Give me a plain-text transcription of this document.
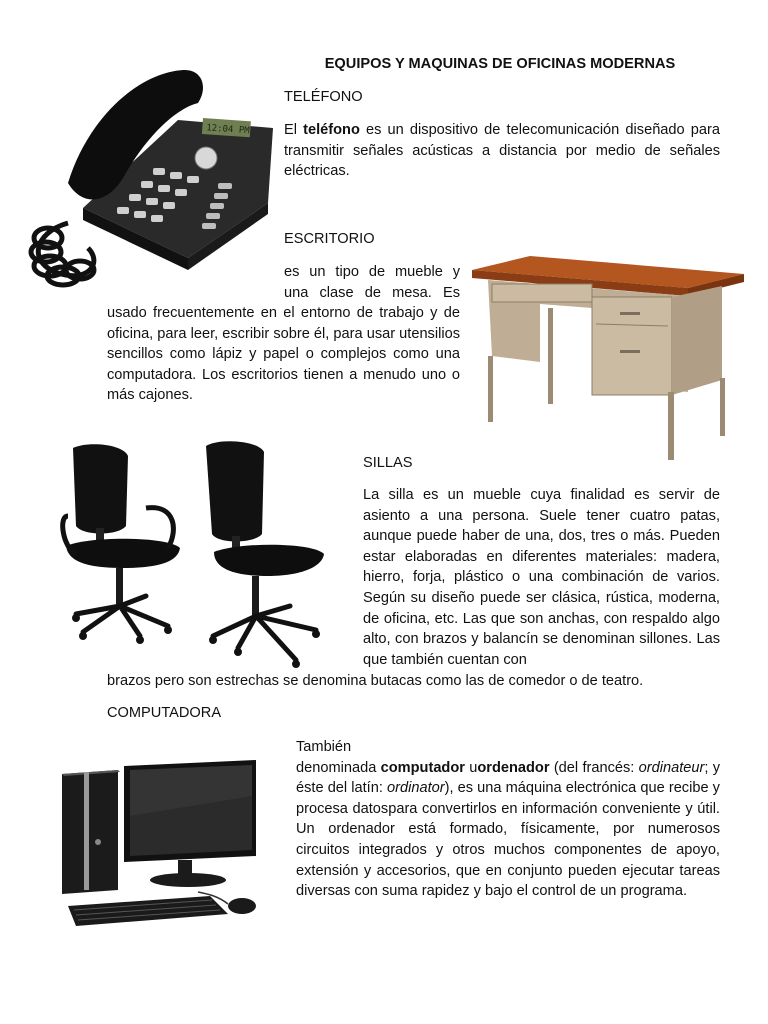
EQUIPOS Y MAQUINAS DE OFICINAS MODERNAS
12:04 PM
TELÉFONO
El teléfono es un dispositivo de telecomunicación diseñado para transmitir señales acústicas a distancia por medio de señales eléctricas.
ESCRITORIO
es un tipo de mueble y
una clase de mesa. Es
usado frecuentemente en el entorno de trabajo y de oficina, para leer, escribir sobre él, para usar utensilios sencillos como lápiz y papel o complejos como una computadora. Los escritorios tienen a menudo uno o más cajones.
SILLAS
La silla es un mueble cuya finalidad es servir de asiento a una persona. Suele tener cuatro patas, aunque puede haber de una, dos, tres o más. Pueden estar elaboradas en diferentes materiales: madera, hierro, forja, plástico o una combinación de varios. Según su diseño puede ser clásica, rústica, moderna, de oficina, etc. Las que son anchas, con respaldo algo alto, con brazos y balancín se denominan sillones. Las que también cuentan con
brazos pero son estrechas se denomina butacas como las de comedor o de teatro.
COMPUTADORA
También
denominada computador uordenador (del francés: ordinateur; y éste del latín: ordinator), es una máquina electrónica que recibe y procesa datospara convertirlos en información conveniente y útil. Un ordenador está formado, físicamente, por numerosos circuitos integrados y otros muchos componentes de apoyo, extensión y accesorios, que en conjunto pueden ejecutar tareas diversas con suma rapidez y bajo el control de un programa.
